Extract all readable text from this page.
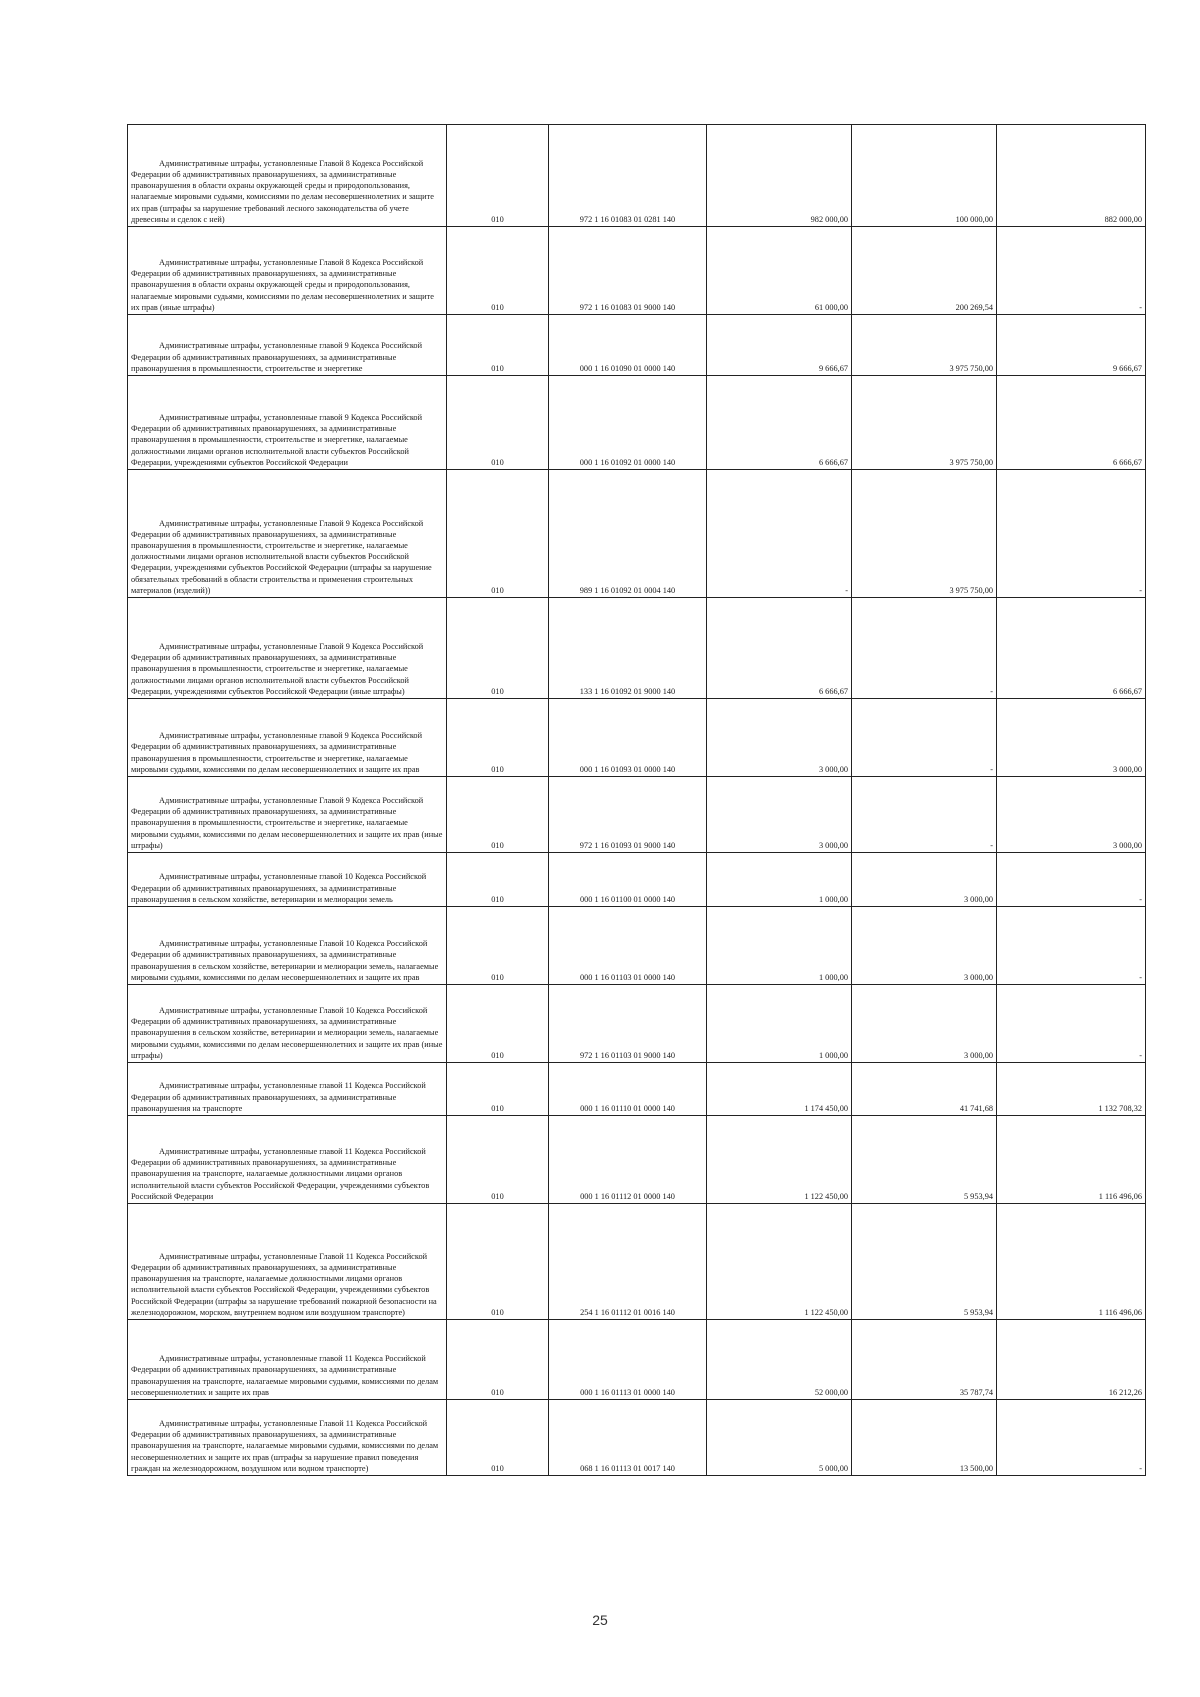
Административные штрафы, установленные Главой 8 Кодекса Российской Федерации об административных правонарушениях, за административные правонарушения в области охраны окружающей среды и природопользования, налагаемые мировыми судьями, комиссиями по делам несовершеннолетних и защите их прав (штрафы за нарушение требований лесного законодательства об учете древесины и сделок с ней)	010	972 1 16 01083 01 0281 140	982 000,00	100 000,00	882 000,00
Административные штрафы, установленные Главой 8 Кодекса Российской Федерации об административных правонарушениях, за административные правонарушения в области охраны окружающей среды и природопользования, налагаемые мировыми судьями, комиссиями по делам несовершеннолетних и защите их прав (иные штрафы)	010	972 1 16 01083 01 9000 140	61 000,00	200 269,54	-
Административные штрафы, установленные главой 9 Кодекса Российской Федерации об административных правонарушениях, за административные правонарушения в промышленности, строительстве и энергетике	010	000 1 16 01090 01 0000 140	9 666,67	3 975 750,00	9 666,67
Административные штрафы, установленные главой 9 Кодекса Российской Федерации об административных правонарушениях, за административные правонарушения в промышленности, строительстве и энергетике, налагаемые должностными лицами органов исполнительной власти субъектов Российской Федерации, учреждениями субъектов Российской Федерации	010	000 1 16 01092 01 0000 140	6 666,67	3 975 750,00	6 666,67
Административные штрафы, установленные Главой 9 Кодекса Российской Федерации об административных правонарушениях, за административные правонарушения в промышленности, строительстве и энергетике, налагаемые должностными лицами органов исполнительной власти субъектов Российской Федерации, учреждениями субъектов Российской Федерации (штрафы за нарушение обязательных требований в области строительства и применения строительных материалов (изделий))	010	989 1 16 01092 01 0004 140	-	3 975 750,00	-
Административные штрафы, установленные Главой 9 Кодекса Российской Федерации об административных правонарушениях, за административные правонарушения в промышленности, строительстве и энергетике, налагаемые должностными лицами органов исполнительной власти субъектов Российской Федерации, учреждениями субъектов Российской Федерации (иные штрафы)	010	133 1 16 01092 01 9000 140	6 666,67	-	6 666,67
Административные штрафы, установленные главой 9 Кодекса Российской Федерации об административных правонарушениях, за административные правонарушения в промышленности, строительстве и энергетике, налагаемые мировыми судьями, комиссиями по делам несовершеннолетних и защите их прав	010	000 1 16 01093 01 0000 140	3 000,00	-	3 000,00
Административные штрафы, установленные Главой 9 Кодекса Российской Федерации об административных правонарушениях, за административные правонарушения в промышленности, строительстве и энергетике, налагаемые мировыми судьями, комиссиями по делам несовершеннолетних и защите их прав (иные штрафы)	010	972 1 16 01093 01 9000 140	3 000,00	-	3 000,00
Административные штрафы, установленные главой 10 Кодекса Российской Федерации об административных правонарушениях, за административные правонарушения в сельском хозяйстве, ветеринарии и мелиорации земель	010	000 1 16 01100 01 0000 140	1 000,00	3 000,00	-
Административные штрафы, установленные Главой 10 Кодекса Российской Федерации об административных правонарушениях, за административные правонарушения в сельском хозяйстве, ветеринарии и мелиорации земель, налагаемые мировыми судьями, комиссиями по делам несовершеннолетних и защите их прав	010	000 1 16 01103 01 0000 140	1 000,00	3 000,00	-
Административные штрафы, установленные Главой 10 Кодекса Российской Федерации об административных правонарушениях, за административные правонарушения в сельском хозяйстве, ветеринарии и мелиорации земель, налагаемые мировыми судьями, комиссиями по делам несовершеннолетних и защите их прав (иные штрафы)	010	972 1 16 01103 01 9000 140	1 000,00	3 000,00	-
Административные штрафы, установленные главой 11 Кодекса Российской Федерации об административных правонарушениях, за административные правонарушения на транспорте	010	000 1 16 01110 01 0000 140	1 174 450,00	41 741,68	1 132 708,32
Административные штрафы, установленные главой 11 Кодекса Российской Федерации об административных правонарушениях, за административные правонарушения на транспорте, налагаемые должностными лицами органов исполнительной власти субъектов Российской Федерации, учреждениями субъектов Российской Федерации	010	000 1 16 01112 01 0000 140	1 122 450,00	5 953,94	1 116 496,06
Административные штрафы, установленные Главой 11 Кодекса Российской Федерации об административных правонарушениях, за административные правонарушения на транспорте, налагаемые должностными лицами органов исполнительной власти субъектов Российской Федерации, учреждениями субъектов Российской Федерации (штрафы за нарушение требований пожарной безопасности на железнодорожном, морском, внутреннем водном или воздушном транспорте)	010	254 1 16 01112 01 0016 140	1 122 450,00	5 953,94	1 116 496,06
Административные штрафы, установленные главой 11 Кодекса Российской Федерации об административных правонарушениях, за административные правонарушения на транспорте, налагаемые мировыми судьями, комиссиями по делам несовершеннолетних и защите их прав	010	000 1 16 01113 01 0000 140	52 000,00	35 787,74	16 212,26
Административные штрафы, установленные Главой 11 Кодекса Российской Федерации об административных правонарушениях, за административные правонарушения на транспорте, налагаемые мировыми судьями, комиссиями по делам несовершеннолетних и защите их прав (штрафы за нарушение правил поведения граждан на железнодорожном, воздушном или водном транспорте)	010	068 1 16 01113 01 0017 140	5 000,00	13 500,00	-
25
